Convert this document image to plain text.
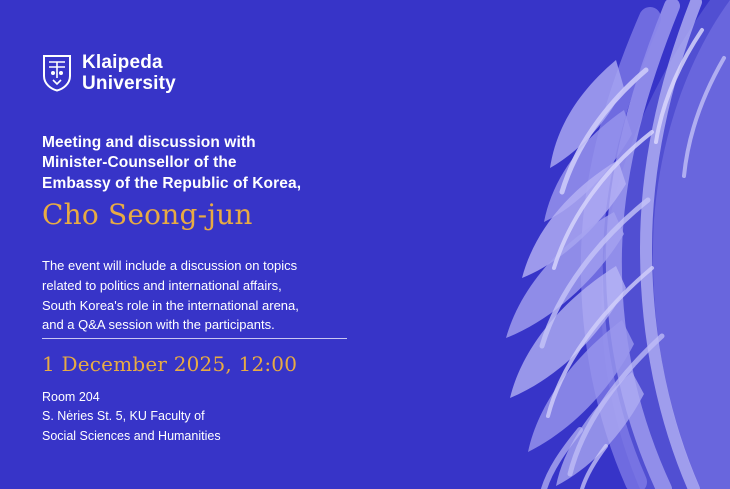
Klaipeda
University
Meeting and discussion with
Minister-Counsellor of the
Embassy of the Republic of Korea,
Cho Seong-jun
The event will include a discussion on topics
related to politics and international affairs,
South Korea's role in the international arena,
and a Q&A session with the participants.
1 December 2025, 12:00
Room 204
S. Nėries St. 5, KU Faculty of
Social Sciences and Humanities
